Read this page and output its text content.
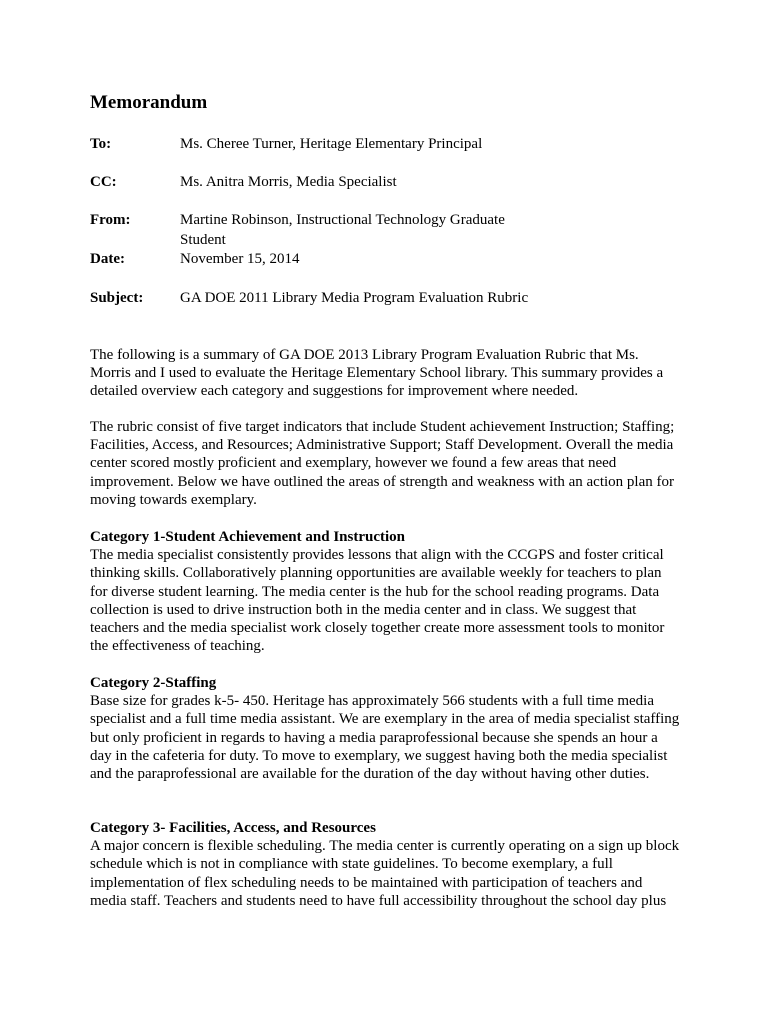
Memorandum
To:	Ms. Cheree Turner, Heritage Elementary Principal
CC:	Ms. Anitra Morris, Media Specialist
From:	Martine Robinson, Instructional Technology Graduate Student
Date:	November 15, 2014
Subject: GA DOE 2011 Library Media Program Evaluation Rubric
The following is a summary of GA DOE 2013 Library Program Evaluation Rubric that Ms. Morris and I used to evaluate the Heritage Elementary School library. This summary provides a detailed overview each category and suggestions for improvement where needed.
The rubric consist of five target indicators that include Student achievement Instruction; Staffing; Facilities, Access, and Resources; Administrative Support; Staff Development. Overall the media center scored mostly proficient and exemplary, however we found a few areas that need improvement. Below we have outlined the areas of strength and weakness with an action plan for moving towards exemplary.
Category 1-Student Achievement and Instruction
The media specialist consistently provides lessons that align with the CCGPS and foster critical thinking skills. Collaboratively planning opportunities are available weekly for teachers to plan for diverse student learning. The media center is the hub for the school reading programs. Data collection is used to drive instruction both in the media center and in class. We suggest that teachers and the media specialist work closely together create more assessment tools to monitor the effectiveness of teaching.
Category 2-Staffing
Base size for grades k-5- 450. Heritage has approximately 566 students with a full time media specialist and a full time media assistant. We are exemplary in the area of media specialist staffing but only proficient in regards to having a media paraprofessional because she spends an hour a day in the cafeteria for duty. To move to exemplary, we suggest having both the media specialist and the paraprofessional are available for the duration of the day without having other duties.
Category 3- Facilities, Access, and Resources
A major concern is flexible scheduling. The media center is currently operating on a sign up block schedule which is not in compliance with state guidelines. To become exemplary, a full implementation of flex scheduling needs to be maintained with participation of teachers and media staff. Teachers and students need to have full accessibility throughout the school day plus
